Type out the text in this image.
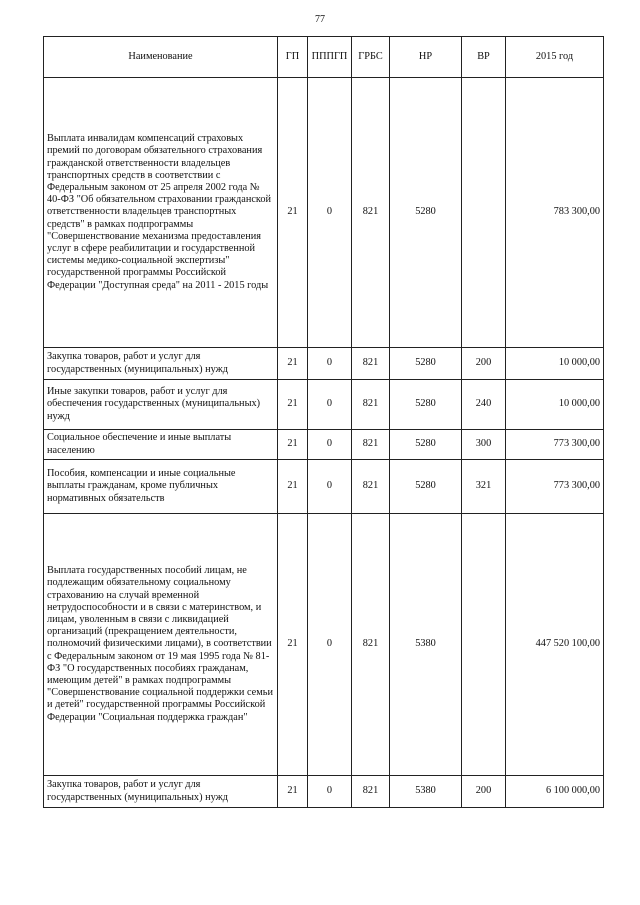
77
Наименование	ГП	ПППГП	ГРБС	НР	ВР	2015 год
Выплата инвалидам компенсаций страховых премий по договорам обязательного страхования гражданской ответственности владельцев транспортных средств в соответствии с Федеральным законом от 25 апреля 2002 года № 40-ФЗ "Об обязательном страховании гражданской ответственности владельцев транспортных средств" в рамках подпрограммы "Совершенствование механизма предоставления услуг в сфере реабилитации и государственной системы медико-социальной экспертизы" государственной программы Российской Федерации "Доступная среда" на 2011 - 2015 годы	21	0	821	5280		783 300,00
Закупка товаров, работ и услуг для государственных (муниципальных) нужд	21	0	821	5280	200	10 000,00
Иные закупки товаров, работ и услуг для обеспечения государственных (муниципальных) нужд	21	0	821	5280	240	10 000,00
Социальное обеспечение и иные выплаты населению	21	0	821	5280	300	773 300,00
Пособия, компенсации и иные социальные выплаты гражданам, кроме публичных нормативных обязательств	21	0	821	5280	321	773 300,00
Выплата государственных пособий лицам, не подлежащим обязательному социальному страхованию на случай временной нетрудоспособности и в связи с материнством, и лицам, уволенным в связи с ликвидацией организаций (прекращением деятельности, полномочий физическими лицами), в соответствии с Федеральным законом от 19 мая 1995 года № 81-ФЗ "О государственных пособиях гражданам, имеющим детей" в рамках подпрограммы "Совершенствование социальной поддержки семьи и детей" государственной программы Российской Федерации "Социальная поддержка граждан"	21	0	821	5380		447 520 100,00
Закупка товаров, работ и услуг для государственных (муниципальных) нужд	21	0	821	5380	200	6 100 000,00
